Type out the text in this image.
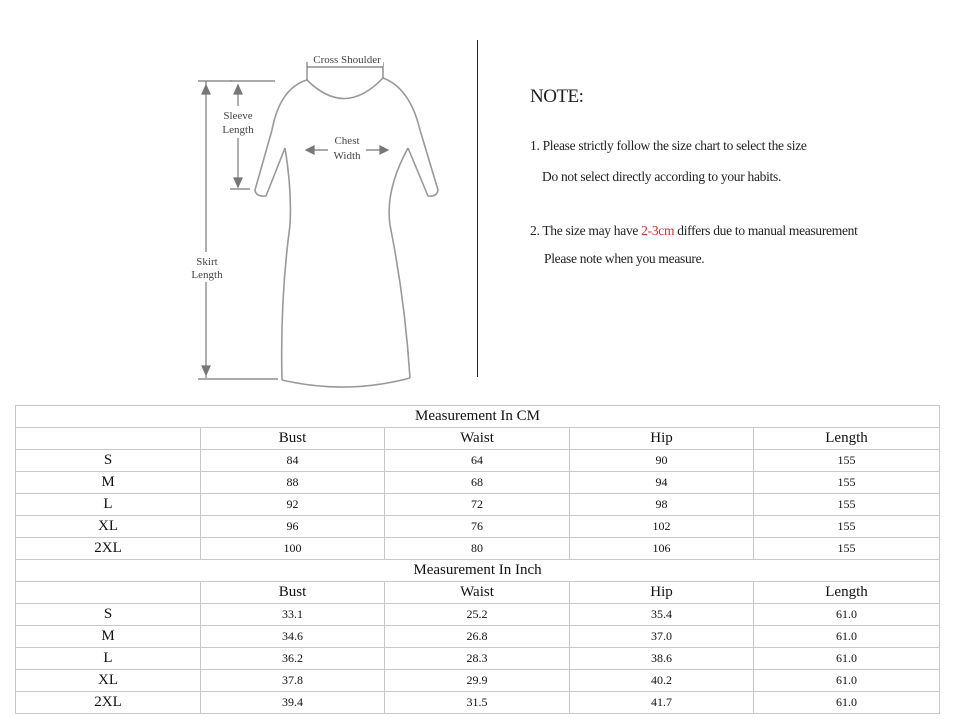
Cross Shoulder
Sleeve
Length
Chest
Width
Skirt
Length
NOTE:
1. Please strictly follow the size chart to select the size
Do not select directly according to your habits.
2. The size may have 2-3cm differs due to manual measurement
Please note when you measure.
Measurement In CM				
	Bust	Waist	Hip	Length
S	84	64	90	155
M	88	68	94	155
L	92	72	98	155
XL	96	76	102	155
2XL	100	80	106	155
Measurement In Inch				
	Bust	Waist	Hip	Length
S	33.1	25.2	35.4	61.0
M	34.6	26.8	37.0	61.0
L	36.2	28.3	38.6	61.0
XL	37.8	29.9	40.2	61.0
2XL	39.4	31.5	41.7	61.0
